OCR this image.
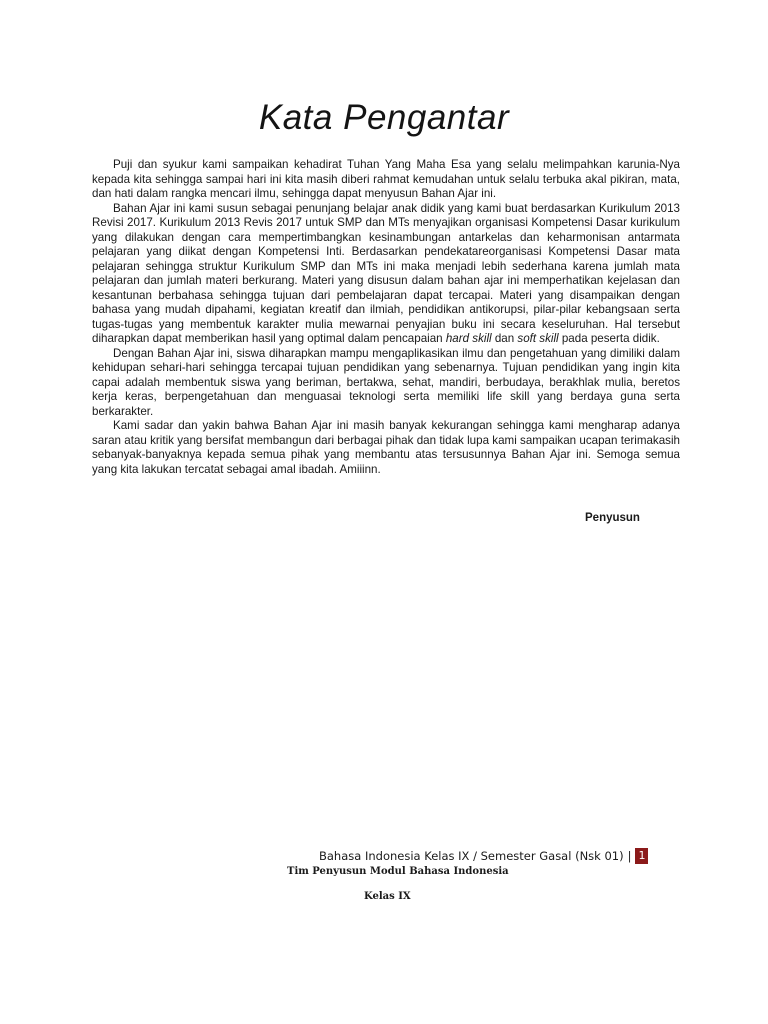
Kata Pengantar

Puji dan syukur kami sampaikan kehadirat Tuhan Yang Maha Esa yang selalu melimpahkan karunia-Nya kepada kita sehingga sampai hari ini kita masih diberi rahmat kemudahan untuk selalu terbuka akal pikiran, mata, dan hati dalam rangka mencari ilmu, sehingga dapat menyusun Bahan Ajar ini.

Bahan Ajar ini kami susun sebagai penunjang belajar anak didik yang kami buat berdasarkan Kurikulum 2013 Revisi 2017. Kurikulum 2013 Revis 2017 untuk SMP dan MTs menyajikan organisasi Kompetensi Dasar kurikulum yang dilakukan dengan cara mempertimbangkan kesinambungan antarkelas dan keharmonisan antarmata pelajaran yang diikat dengan Kompetensi Inti. Berdasarkan pendekatareorganisasi Kompetensi Dasar mata pelajaran sehingga struktur Kurikulum SMP dan MTs ini maka menjadi lebih sederhana karena jumlah mata pelajaran dan jumlah materi berkurang. Materi yang disusun dalam bahan ajar ini memperhatikan kejelasan dan kesantunan berbahasa sehingga tujuan dari pembelajaran dapat tercapai. Materi yang disampaikan dengan bahasa yang mudah dipahami, kegiatan kreatif dan ilmiah, pendidikan antikorupsi, pilar-pilar kebangsaan serta tugas-tugas yang membentuk karakter mulia mewarnai penyajian buku ini secara keseluruhan. Hal tersebut diharapkan dapat memberikan hasil yang optimal dalam pencapaian hard skill dan soft skill pada peserta didik.

Dengan Bahan Ajar ini, siswa diharapkan mampu mengaplikasikan ilmu dan pengetahuan yang dimiliki dalam kehidupan sehari-hari sehingga tercapai tujuan pendidikan yang sebenarnya. Tujuan pendidikan yang ingin kita capai adalah membentuk siswa yang beriman, bertakwa, sehat, mandiri, berbudaya, berakhlak mulia, beretos kerja keras, berpengetahuan dan menguasai teknologi serta memiliki life skill yang berdaya guna serta berkarakter.

Kami sadar dan yakin bahwa Bahan Ajar ini masih banyak kekurangan sehingga kami mengharap adanya saran atau kritik yang bersifat membangun dari berbagai pihak dan tidak lupa kami sampaikan ucapan terimakasih sebanyak-banyaknya kepada semua pihak yang membantu atas tersusunnya Bahan Ajar ini. Semoga semua yang kita lakukan tercatat sebagai amal ibadah. Amiiinn.

Penyusun
Bahasa Indonesia Kelas IX / Semester Gasal (Nsk 01) | 1
Tim Penyusun Modul Bahasa Indonesia
Kelas IX
